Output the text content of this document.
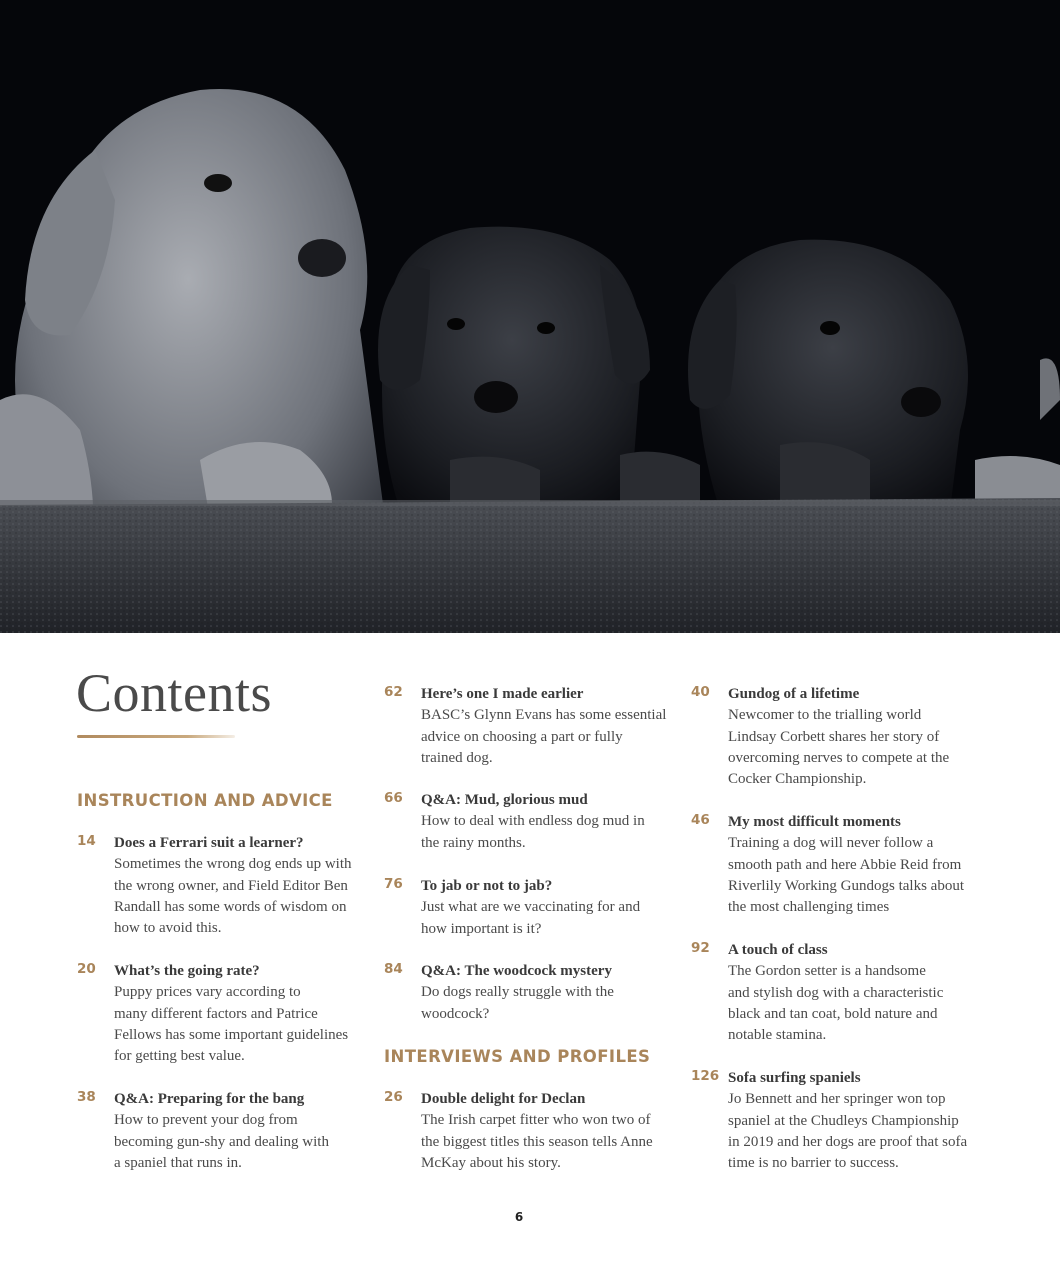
Contents
INSTRUCTION AND ADVICE
14 Does a Ferrari suit a learner?
Sometimes the wrong dog ends up with
the wrong owner, and Field Editor Ben
Randall has some words of wisdom on
how to avoid this.
20 What’s the going rate?
Puppy prices vary according to
many different factors and Patrice
Fellows has some important guidelines
for getting best value.
38 Q&A: Preparing for the bang
How to prevent your dog from
becoming gun-shy and dealing with
a spaniel that runs in.
62 Here’s one I made earlier
BASC’s Glynn Evans has some essential
advice on choosing a part or fully
trained dog.
66 Q&A: Mud, glorious mud
How to deal with endless dog mud in
the rainy months.
76 To jab or not to jab?
Just what are we vaccinating for and
how important is it?
84 Q&A: The woodcock mystery
Do dogs really struggle with the
woodcock?
INTERVIEWS AND PROFILES
26 Double delight for Declan
The Irish carpet fitter who won two of
the biggest titles this season tells Anne
McKay about his story.
40 Gundog of a lifetime
Newcomer to the trialling world
Lindsay Corbett shares her story of
overcoming nerves to compete at the
Cocker Championship.
46 My most difficult moments
Training a dog will never follow a
smooth path and here Abbie Reid from
Riverlily Working Gundogs talks about
the most challenging times
92 A touch of class
The Gordon setter is a handsome
and stylish dog with a characteristic
black and tan coat, bold nature and
notable stamina.
126 Sofa surfing spaniels
Jo Bennett and her springer won top
spaniel at the Chudleys Championship
in 2019 and her dogs are proof that sofa
time is no barrier to success.
6
